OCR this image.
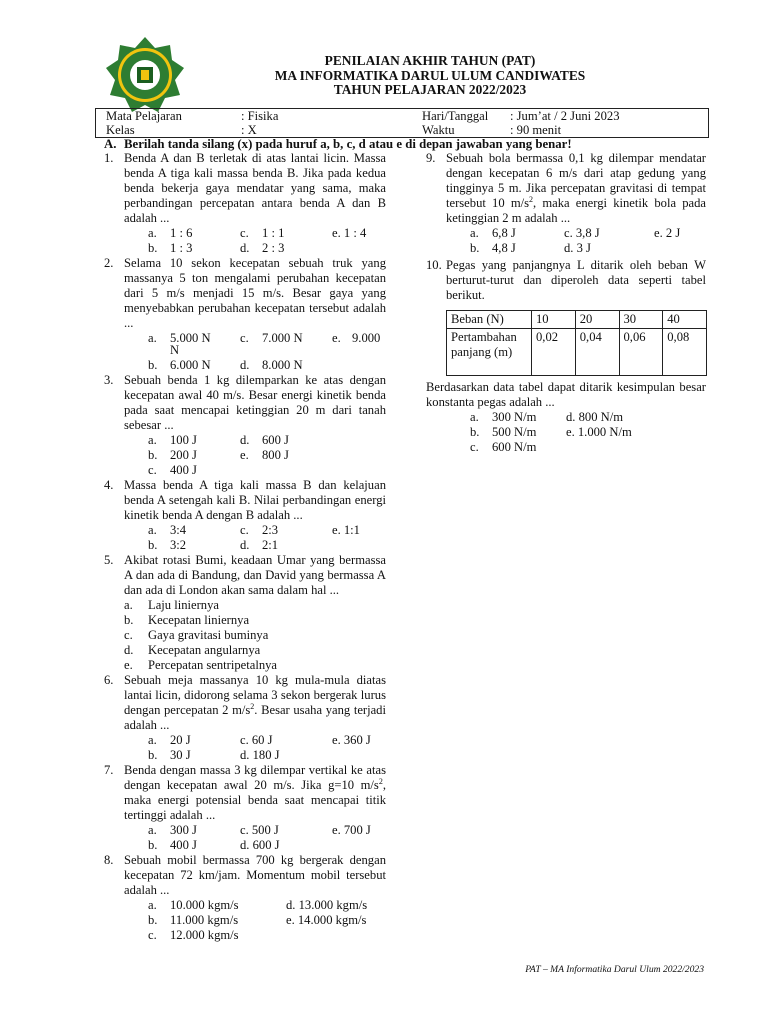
PENILAIAN AKHIR TAHUN (PAT)
MA INFORMATIKA DARUL ULUM CANDIWATES
TAHUN PELAJARAN 2022/2023
Mata Pelajaran	: Fisika
Kelas	: X
Hari/Tanggal : Jum’at / 2 Juni 2023
Waktu	: 90 menit
A. Berilah tanda silang (x) pada huruf a, b, c, d atau e di depan jawaban yang benar!
1. Benda A dan B terletak di atas lantai licin. Massa benda A tiga kali massa benda B. Jika pada kedua benda bekerja gaya mendatar yang sama, maka perbandingan percepatan antara benda A dan B adalah ...
a. 1 : 6	c. 1 : 1	e. 1 : 4
b. 1 : 3	d. 2 : 3
2. Selama 10 sekon kecepatan sebuah truk yang massanya 5 ton mengalami perubahan kecepatan dari 5 m/s menjadi 15 m/s. Besar gaya yang menyebabkan perubahan kecepatan tersebut adalah ...
a. 5.000 N c. 7.000 N e. 9.000
N
b. 6.000 N d. 8.000 N
3. Sebuah benda 1 kg dilemparkan ke atas dengan kecepatan awal 40 m/s. Besar energi kinetik benda pada saat mencapai ketinggian 20 m dari tanah sebesar ...
a. 100 J	d. 600 J
b. 200 J	e. 800 J
c. 400 J
4. Massa benda A tiga kali massa B dan kelajuan benda A setengah kali B. Nilai perbandingan energi kinetik benda A dengan B adalah ...
a. 3:4	c. 2:3	e. 1:1
b. 3:2	d. 2:1
5. Akibat rotasi Bumi, keadaan Umar yang bermassa A dan ada di Bandung, dan David yang bermassa A dan ada di London akan sama dalam hal ...
a. Laju liniernya
b. Kecepatan liniernya
c. Gaya gravitasi buminya
d. Kecepatan angularnya
e. Percepatan sentripetalnya
6. Sebuah meja massanya 10 kg mula-mula diatas lantai licin, didorong selama 3 sekon bergerak lurus dengan percepatan 2 $m/s^2$. Besar usaha yang terjadi adalah ...
a. 20 J	c. 60 J	e. 360 J
b. 30 J	d. 180 J
7. Benda dengan massa 3 kg dilempar vertikal ke atas dengan kecepatan awal 20 m/s. Jika g=10 $m/s^2$, maka energi potensial benda saat mencapai titik tertinggi adalah ...
a. 300 J	c. 500 J	e. 700 J
b. 400 J	d. 600 J
8. Sebuah mobil bermassa 700 kg bergerak dengan kecepatan 72 km/jam. Momentum mobil tersebut adalah ...
a. 10.000 kgm/s	d. 13.000 kgm/s
b. 11.000 kgm/s	e. 14.000 kgm/s
c. 12.000 kgm/s
9. Sebuah bola bermassa 0,1 kg dilempar mendatar dengan kecepatan 6 m/s dari atap gedung yang tingginya 5 m. Jika percepatan gravitasi di tempat tersebut 10 $m/s^2$, maka energi kinetik bola pada ketinggian 2 m adalah ...
a. 6,8 J	c. 3,8 J	e. 2 J
b. 4,8 J	d. 3 J
10. Pegas yang panjangnya L ditarik oleh beban W berturut-turut dan diperoleh data seperti tabel berikut.
Beban (N)	10	20	30	40
Pertambahan panjang (m)	0,02	0,04	0,06	0,08
Berdasarkan data tabel dapat ditarik kesimpulan besar konstanta pegas adalah ...
a. 300 N/m d. 800 N/m
b. 500 N/m e. 1.000 N/m
c. 600 N/m
PAT – MA Informatika Darul Ulum 2022/2023
